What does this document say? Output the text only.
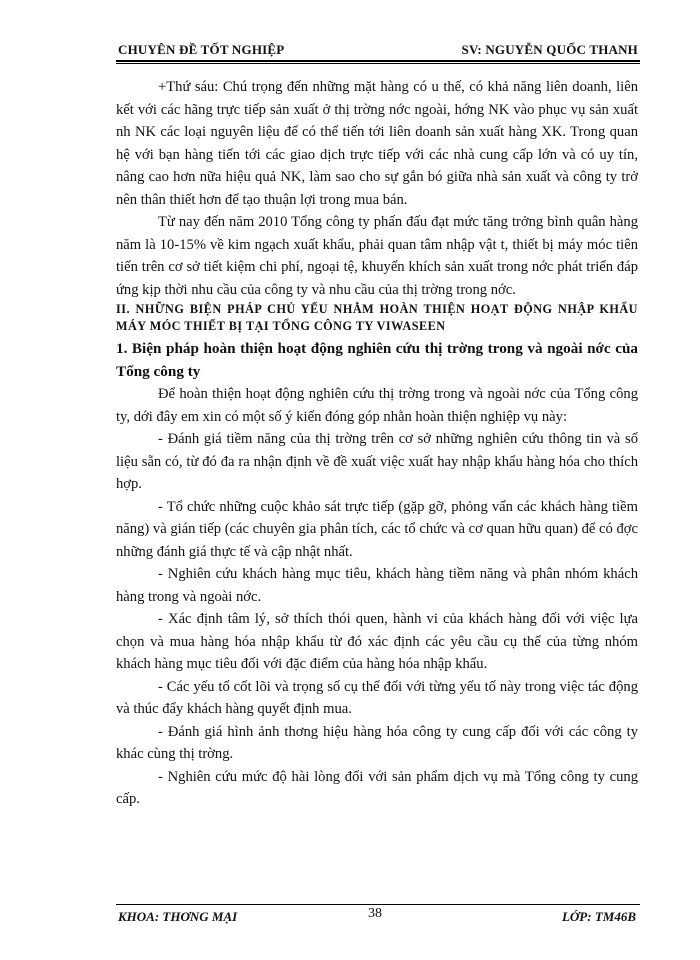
CHUYÊN ĐỀ TỐT NGHIỆP	SV: NGUYỄN QUỐC THANH

+Thứ sáu: Chú trọng đến những mặt hàng có u thế, có khả năng liên doanh, liên kết với các hãng trực tiếp sản xuất ở thị trờng nớc ngoài, hớng NK vào phục vụ sản xuất nh NK các loại nguyên liệu để có thể tiến tới liên doanh sản xuất hàng XK. Trong quan hệ với bạn hàng tiến tới các giao dịch trực tiếp với các nhà cung cấp lớn và có uy tín, nâng cao hơn nữa hiệu quả NK, làm sao cho sự gắn bó giữa nhà sản xuất và công ty trở nên thân thiết hơn để tạo thuận lợi trong mua bán.

Từ nay đến năm 2010 Tổng công ty phấn đấu đạt mức tăng trởng bình quân hàng năm là 10-15% về kim ngạch xuất khẩu, phải quan tâm nhập vật t, thiết bị máy móc tiên tiến trên cơ sở tiết kiệm chi phí, ngoại tệ, khuyến khích sản xuất trong nớc phát triển đáp ứng kịp thời nhu cầu của công ty và nhu cầu của thị trờng trong nớc.

II. NHỮNG BIỆN PHÁP CHỦ YẾU NHẰM HOÀN THIỆN HOẠT ĐỘNG NHẬP KHẨU MÁY MÓC THIẾT BỊ TẠI TỔNG CÔNG TY VIWASEEN

1. Biện pháp hoàn thiện hoạt động nghiên cứu thị trờng trong và ngoài nớc của Tổng công ty

Để hoàn thiện hoạt động nghiên cứu thị trờng trong và ngoài nớc của Tổng công ty, dới đây em xin có một số ý kiến đóng góp nhằn hoàn thiện nghiệp vụ này:

- Đánh giá tiềm năng của thị trờng trên cơ sở những nghiên cứu thông tin và số liệu sẵn có, từ đó đa ra nhận định về đề xuất việc xuất hay nhập khẩu hàng hóa cho thích hợp.

- Tổ chức những cuộc khảo sát trực tiếp (gặp gỡ, phỏng vấn các khách hàng tiềm năng) và gián tiếp (các chuyên gia phân tích, các tổ chức và cơ quan hữu quan) để có đợc những đánh giá thực tế và cập nhật nhất.

- Nghiên cứu khách hàng mục tiêu, khách hàng tiềm năng và phân nhóm khách hàng trong và ngoài nớc.

- Xác định tâm lý, sở thích thói quen, hành vi của khách hàng đối với việc lựa chọn và mua hàng hóa nhập khẩu từ đó xác định các yêu cầu cụ thể của từng nhóm khách hàng mục tiêu đối với đặc điểm của hàng hóa nhập khẩu.

- Các yếu tố cốt lõi và trọng số cụ thể đối với từng yếu tố này trong việc tác động và thúc đẩy khách hàng quyết định mua.

- Đánh giá hình ảnh thơng hiệu hàng hóa công ty cung cấp đối với các công ty khác cùng thị trờng.

- Nghiên cứu mức độ hài lòng đối với sản phẩm dịch vụ mà Tổng công ty cung cấp.

KHOA: THƠNG MẠI	38	LỚP: TM46B
